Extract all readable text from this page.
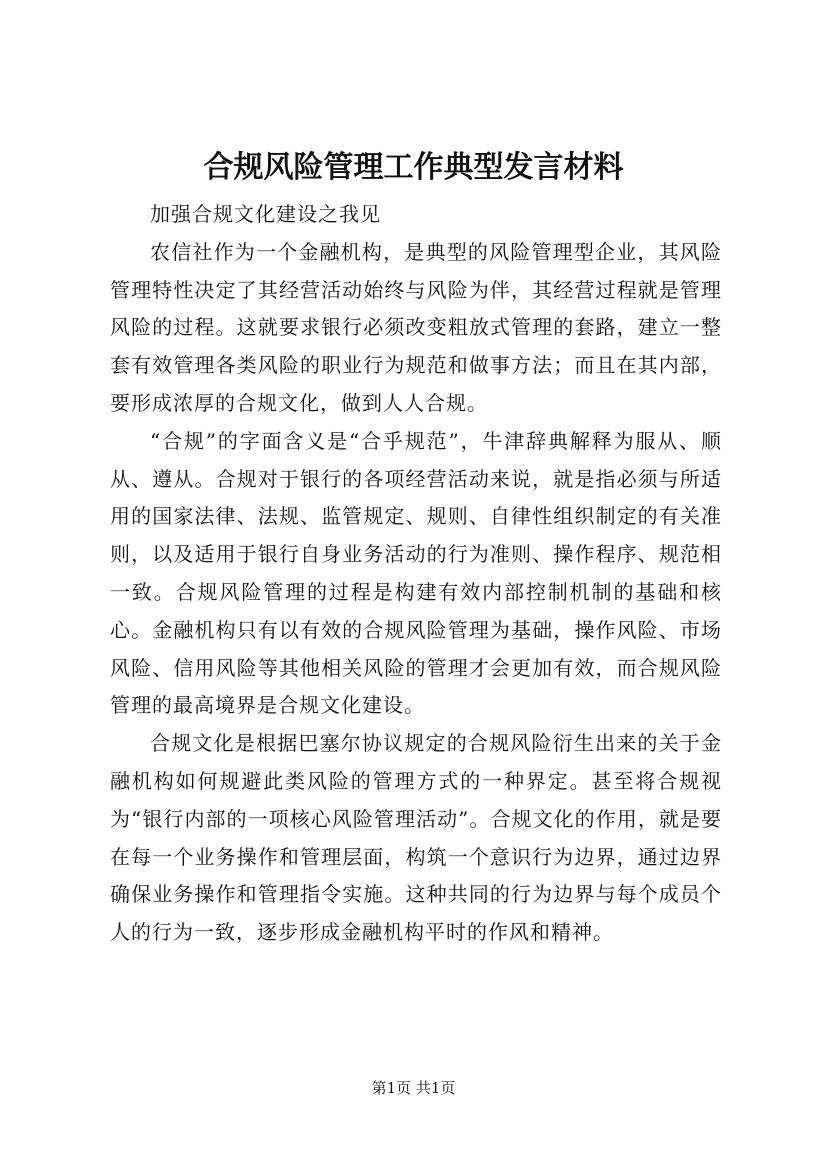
合规风险管理工作典型发言材料

加强合规文化建设之我见

农信社作为一个金融机构，是典型的风险管理型企业，其风险管理特性决定了其经营活动始终与风险为伴，其经营过程就是管理风险的过程。这就要求银行必须改变粗放式管理的套路，建立一整套有效管理各类风险的职业行为规范和做事方法；而且在其内部，要形成浓厚的合规文化，做到人人合规。

“合规”的字面含义是“合乎规范”，牛津辞典解释为服从、顺从、遵从。合规对于银行的各项经营活动来说，就是指必须与所适用的国家法律、法规、监管规定、规则、自律性组织制定的有关准则，以及适用于银行自身业务活动的行为准则、操作程序、规范相一致。合规风险管理的过程是构建有效内部控制机制的基础和核心。金融机构只有以有效的合规风险管理为基础，操作风险、市场风险、信用风险等其他相关风险的管理才会更加有效，而合规风险管理的最高境界是合规文化建设。

合规文化是根据巴塞尔协议规定的合规风险衍生出来的关于金融机构如何规避此类风险的管理方式的一种界定。甚至将合规视为“银行内部的一项核心风险管理活动”。合规文化的作用，就是要在每一个业务操作和管理层面，构筑一个意识行为边界，通过边界确保业务操作和管理指令实施。这种共同的行为边界与每个成员个人的行为一致，逐步形成金融机构平时的作风和精神。

第1页 共1页
